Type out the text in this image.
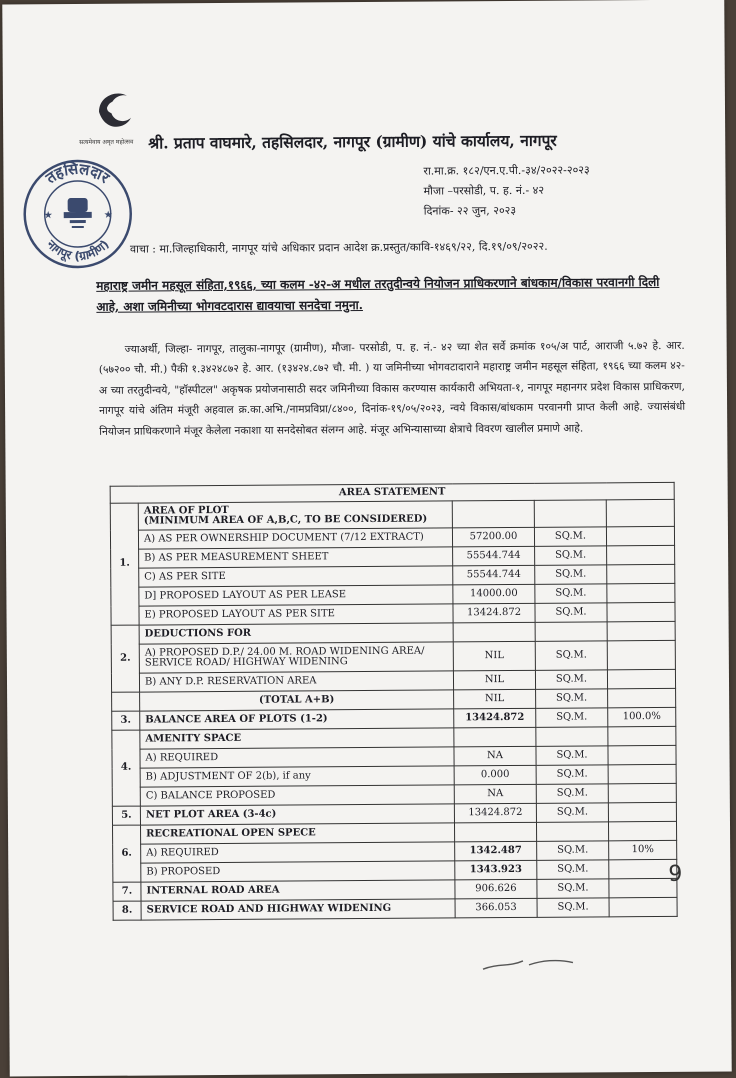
सत्यमेवाय अमृत महोत्सव श्री. प्रताप वाघमारे, तहसिलदार, नागपूर (ग्रामीण) यांचे कार्यालय, नागपूर
रा.मा.क्र. १८२/एन.ए.पी.-३४/२०२२-२०२३
मौजा –परसोडी, प. ह. नं.- ४२
दिनांक- २२ जुन, २०२३
तहसिलदार
नागपूर (ग्रामीण)
★	★
वाचा : मा.जिल्हाधिकारी, नागपूर यांचे अधिकार प्रदान आदेश क्र.प्रस्तुत/कावि-१४६९/२२, दि.१९/०९/२०२२.
महाराष्ट्र जमीन महसूल संहिता,१९६६, च्या कलम -४२-अ मधील तरतुदीन्वये नियोजन प्राधिकरणाने बांधकाम/विकास परवानगी दिली आहे, अशा जमिनीच्या भोगवटदारास द्यावयाचा सनदेचा नमुना.
ज्याअर्थी, जिल्हा- नागपूर, तालुका-नागपूर (ग्रामीण), मौजा- परसोडी, प. ह. नं.- ४२ च्या शेत सर्वे क्रमांक १०५/अ पार्ट, आराजी ५.७२ हे. आर. (५७२०० चौ. मी.) पैकी १.३४२४८७२ हे. आर. (१३४२४.८७२ चौ. मी. ) या जमिनीच्या भोगवटादाराने महाराष्ट्र जमीन महसूल संहिता, १९६६ च्या कलम ४२-अ च्या तरतुदीन्वये, "हॉस्पीटल" अकृषक प्रयोजनासाठी सदर जमिनीच्या विकास करण्यास कार्यकारी अभियता-१, नागपूर महानगर प्रदेश विकास प्राधिकरण, नागपूर यांचे अंतिम मंजूरी अहवाल क्र.का.अभि./नामप्रविप्रा/८४००, दिनांक-१९/०५/२०२३, न्वये विकास/बांधकाम परवानगी प्राप्त केली आहे. ज्यासंबंधी नियोजन प्राधिकरणाने मंजूर केलेला नकाशा या सनदेसोबत संलग्न आहे. मंजूर अभिन्यासाच्या क्षेत्राचे विवरण खालील प्रमाणे आहे.
AREA STATEMENT				
1.	AREA OF PLOT
(MINIMUM AREA OF A,B,C, TO BE CONSIDERED)			

	A) AS PER OWNERSHIP DOCUMENT (7/12 EXTRACT)	57200.00	SQ.M.	
	B) AS PER MEASUREMENT SHEET	55544.744	SQ.M.	
	C) AS PER SITE	55544.744	SQ.M.	
	D] PROPOSED LAYOUT AS PER LEASE	14000.00	SQ.M.	
	E) PROPOSED LAYOUT AS PER SITE	13424.872	SQ.M.	
2.	DEDUCTIONS FOR			
	A) PROPOSED D.P./ 24.00 M. ROAD WIDENING AREA/ SERVICE ROAD/ HIGHWAY WIDENING	NIL	SQ.M.	
	B) ANY D.P. RESERVATION AREA	NIL	SQ.M.	
	(TOTAL A+B)	NIL	SQ.M.	
3.	BALANCE AREA OF PLOTS (1-2)	13424.872	SQ.M.	100.0%
4.	AMENITY SPACE			
	A) REQUIRED	NA	SQ.M.	
	B) ADJUSTMENT OF 2(b), if any	0.000	SQ.M.	
	C) BALANCE PROPOSED	NA	SQ.M.	
5.	NET PLOT AREA (3-4c)	13424.872	SQ.M.	
6.	RECREATIONAL OPEN SPECE			
	A) REQUIRED	1342.487	SQ.M.	10%
	B) PROPOSED	1343.923	SQ.M.	
7.	INTERNAL ROAD AREA	906.626	SQ.M.	
8.	SERVICE ROAD AND HIGHWAY WIDENING	366.053	SQ.M.	
9
